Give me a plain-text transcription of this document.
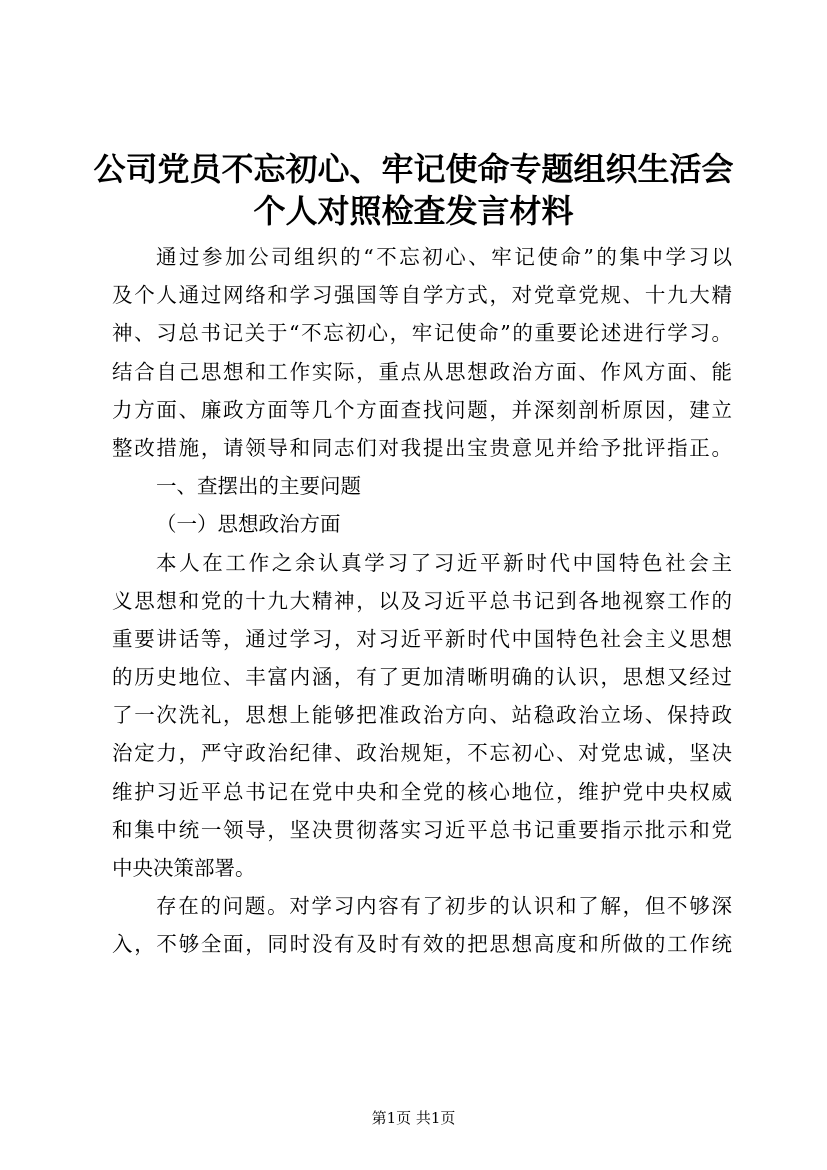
公司党员不忘初心、牢记使命专题组织生活会
个人对照检查发言材料
通过参加公司组织的“不忘初心、牢记使命”的集中学习以
及个人通过网络和学习强国等自学方式，对党章党规、十九大精
神、习总书记关于“不忘初心，牢记使命”的重要论述进行学习。
结合自己思想和工作实际，重点从思想政治方面、作风方面、能
力方面、廉政方面等几个方面查找问题，并深刻剖析原因，建立
整改措施，请领导和同志们对我提出宝贵意见并给予批评指正。
一、查摆出的主要问题
（一）思想政治方面
本人在工作之余认真学习了习近平新时代中国特色社会主
义思想和党的十九大精神，以及习近平总书记到各地视察工作的
重要讲话等，通过学习，对习近平新时代中国特色社会主义思想
的历史地位、丰富内涵，有了更加清晰明确的认识，思想又经过
了一次洗礼，思想上能够把准政治方向、站稳政治立场、保持政
治定力，严守政治纪律、政治规矩，不忘初心、对党忠诚，坚决
维护习近平总书记在党中央和全党的核心地位，维护党中央权威
和集中统一领导，坚决贯彻落实习近平总书记重要指示批示和党
中央决策部署。
存在的问题。对学习内容有了初步的认识和了解，但不够深
入，不够全面，同时没有及时有效的把思想高度和所做的工作统
第1页 共1页
